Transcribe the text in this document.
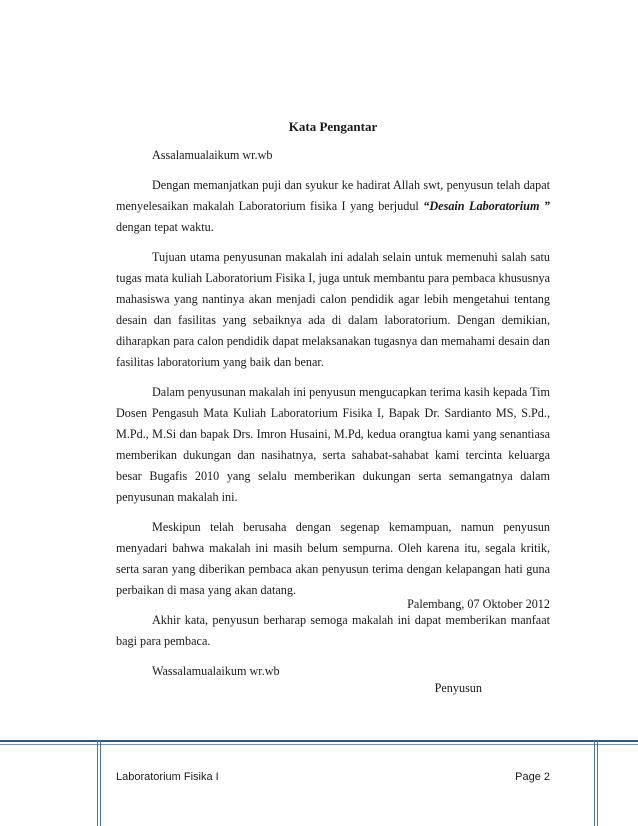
Kata Pengantar

Assalamualaikum wr.wb

Dengan memanjatkan puji dan syukur ke hadirat Allah swt, penyusun telah dapat menyelesaikan makalah Laboratorium fisika I yang berjudul “Desain Laboratorium ” dengan tepat waktu.

Tujuan utama penyusunan makalah ini adalah selain untuk memenuhi salah satu tugas mata kuliah Laboratorium Fisika I, juga untuk membantu para pembaca khususnya mahasiswa yang nantinya akan menjadi calon pendidik agar lebih mengetahui tentang desain dan fasilitas yang sebaiknya ada di dalam laboratorium. Dengan demikian, diharapkan para calon pendidik dapat melaksanakan tugasnya dan memahami desain dan fasilitas laboratorium yang baik dan benar.

Dalam penyusunan makalah ini penyusun mengucapkan terima kasih kepada Tim Dosen Pengasuh Mata Kuliah Laboratorium Fisika I, Bapak Dr. Sardianto MS, S.Pd., M.Pd., M.Si dan bapak Drs. Imron Husaini, M.Pd, kedua orangtua kami yang senantiasa memberikan dukungan dan nasihatnya, serta sahabat-sahabat kami tercinta keluarga besar Bugafis 2010 yang selalu memberikan dukungan serta semangatnya dalam penyusunan makalah ini.

Meskipun telah berusaha dengan segenap kemampuan, namun penyusun menyadari bahwa makalah ini masih belum sempurna. Oleh karena itu, segala kritik, serta saran yang diberikan pembaca akan penyusun terima dengan kelapangan hati guna perbaikan di masa yang akan datang.

Akhir kata, penyusun berharap semoga makalah ini dapat memberikan manfaat bagi para pembaca.

Wassalamualaikum wr.wb

Palembang, 07 Oktober 2012
Penyusun
Laboratorium Fisika I	Page 2
